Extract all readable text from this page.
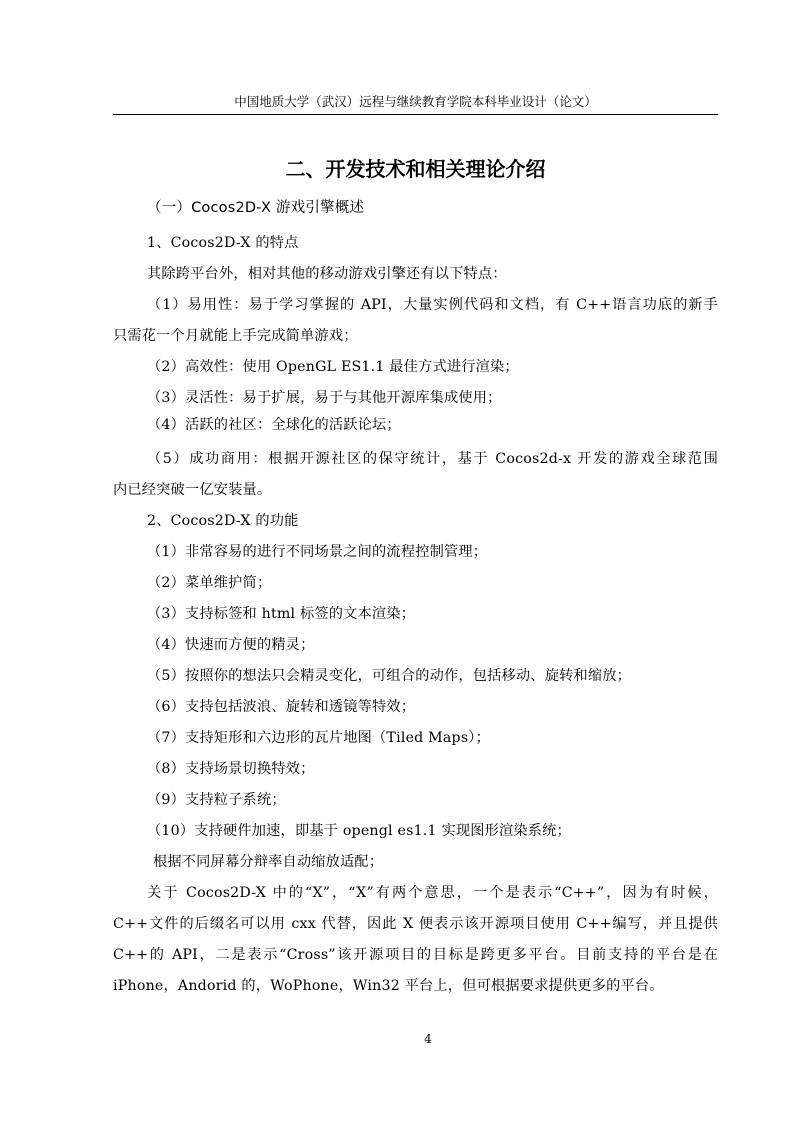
中国地质大学（武汉）远程与继续教育学院本科毕业设计（论文）
二、开发技术和相关理论介绍
（一）Cocos2D-X 游戏引擎概述
1、Cocos2D-X 的特点
其除跨平台外，相对其他的移动游戏引擎还有以下特点：
（1）易用性：易于学习掌握的 API，大量实例代码和文档，有 C++语言功底的新手
只需花一个月就能上手完成简单游戏；
（2）高效性：使用 OpenGL ES1.1 最佳方式进行渲染；
（3）灵活性：易于扩展，易于与其他开源库集成使用；
（4）活跃的社区：全球化的活跃论坛；
（5）成功商用：根据开源社区的保守统计，基于 Cocos2d-x 开发的游戏全球范围
内已经突破一亿安装量。
2、Cocos2D-X 的功能
（1）非常容易的进行不同场景之间的流程控制管理；
（2）菜单维护简；
（3）支持标签和 html 标签的文本渲染；
（4）快速而方便的精灵；
（5）按照你的想法只会精灵变化，可组合的动作，包括移动、旋转和缩放；
（6）支持包括波浪、旋转和透镜等特效；
（7）支持矩形和六边形的瓦片地图（Tiled Maps）；
（8）支持场景切换特效；
（9）支持粒子系统；
（10）支持硬件加速，即基于 opengl es1.1 实现图形渲染系统；
根据不同屏幕分辩率自动缩放适配；
关于 Cocos2D-X 中的“X”，“X”有两个意思，一个是表示“C++”，因为有时候，
C++文件的后缀名可以用 cxx 代替，因此 X 便表示该开源项目使用 C++编写，并且提供
C++的 API，二是表示“Cross”该开源项目的目标是跨更多平台。目前支持的平台是在
iPhone，Andorid 的，WoPhone，Win32 平台上，但可根据要求提供更多的平台。
4
